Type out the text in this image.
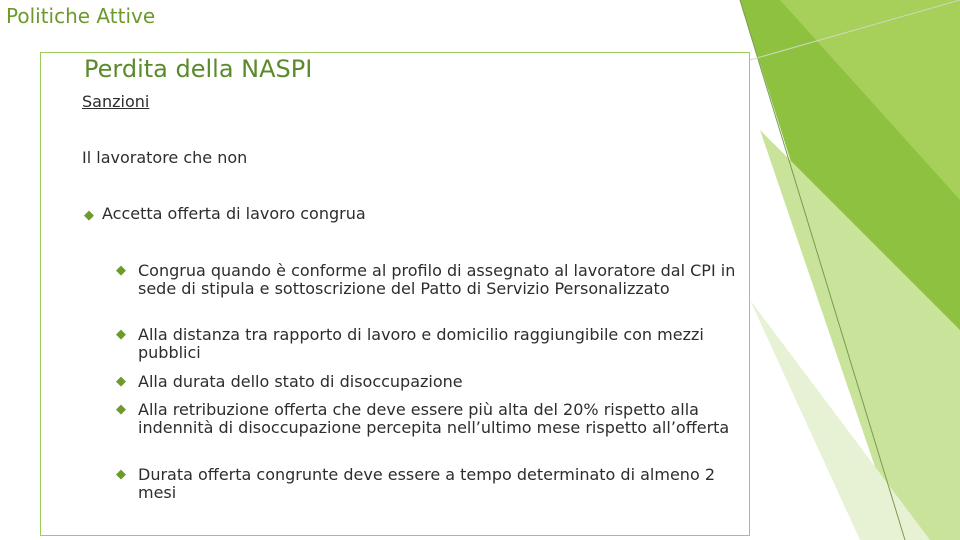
Politiche Attive
Perdita della NASPI
Sanzioni
Il lavoratore che non
◆ Accetta offerta di lavoro congrua
◆ Congrua quando è conforme al profilo di assegnato al lavoratore dal CPI in sede di stipula e sottoscrizione del Patto di Servizio Personalizzato
◆ Alla distanza tra rapporto di lavoro e domicilio raggiungibile con mezzi pubblici
◆ Alla durata dello stato di disoccupazione
◆ Alla retribuzione offerta che deve essere più alta del 20% rispetto alla indennità di disoccupazione percepita nell’ultimo mese rispetto all’offerta
◆ Durata offerta congrunte deve essere a tempo determinato di almeno 2 mesi
